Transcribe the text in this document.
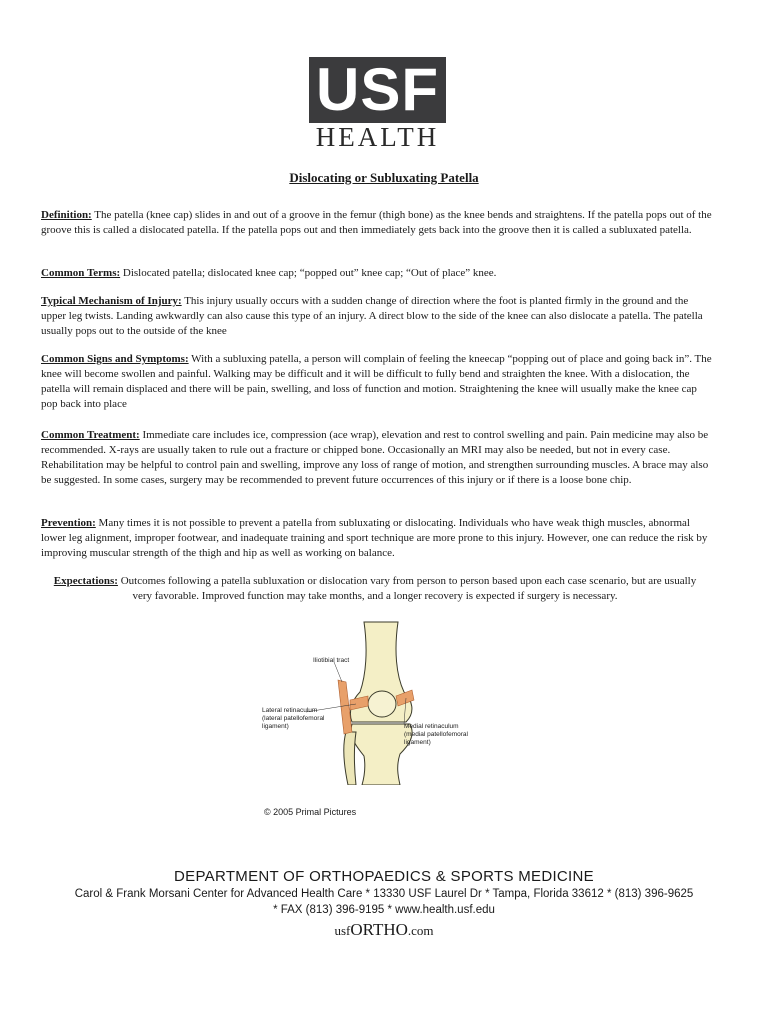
USF
HEALTH
Dislocating or Subluxating Patella
Definition: The patella (knee cap) slides in and out of a groove in the femur (thigh bone) as the knee bends and straightens. If the patella pops out of the groove this is called a dislocated patella. If the patella pops out and then immediately gets back into the groove then it is called a subluxated patella.
Common Terms: Dislocated patella; dislocated knee cap; “popped out” knee cap; “Out of place” knee.
Typical Mechanism of Injury: This injury usually occurs with a sudden change of direction where the foot is planted firmly in the ground and the upper leg twists. Landing awkwardly can also cause this type of an injury. A direct blow to the side of the knee can also dislocate a patella. The patella usually pops out to the outside of the knee
Common Signs and Symptoms: With a subluxing patella, a person will complain of feeling the kneecap “popping out of place and going back in”. The knee will become swollen and painful. Walking may be difficult and it will be difficult to fully bend and straighten the knee. With a dislocation, the patella will remain displaced and there will be pain, swelling, and loss of function and motion. Straightening the knee will usually make the knee cap pop back into place
Common Treatment: Immediate care includes ice, compression (ace wrap), elevation and rest to control swelling and pain. Pain medicine may also be recommended. X-rays are usually taken to rule out a fracture or chipped bone. Occasionally an MRI may also be needed, but not in every case. Rehabilitation may be helpful to control pain and swelling, improve any loss of range of motion, and strengthen surrounding muscles. A brace may also be suggested. In some cases, surgery may be recommended to prevent future occurrences of this injury or if there is a loose bone chip.
Prevention: Many times it is not possible to prevent a patella from subluxating or dislocating. Individuals who have weak thigh muscles, abnormal lower leg alignment, improper footwear, and inadequate training and sport technique are more prone to this injury. However, one can reduce the risk by improving muscular strength of the thigh and hip as well as working on balance.
Expectations: Outcomes following a patella subluxation or dislocation vary from person to person based upon each case scenario, but are usually very favorable. Improved function may take months, and a longer recovery is expected if surgery is necessary.
Iliotibial tract
Lateral retinaculum
(lateral patellofemoral
ligament)	Medial retinaculum
(medial patellofemoral
ligament)
© 2005 Primal Pictures
DEPARTMENT OF ORTHOPAEDICS & SPORTS MEDICINE
Carol & Frank Morsani Center for Advanced Health Care * 13330 USF Laurel Dr * Tampa, Florida 33612 * (813) 396-9625
* FAX (813) 396-9195 * www.health.usf.edu
usfORTHO.com
